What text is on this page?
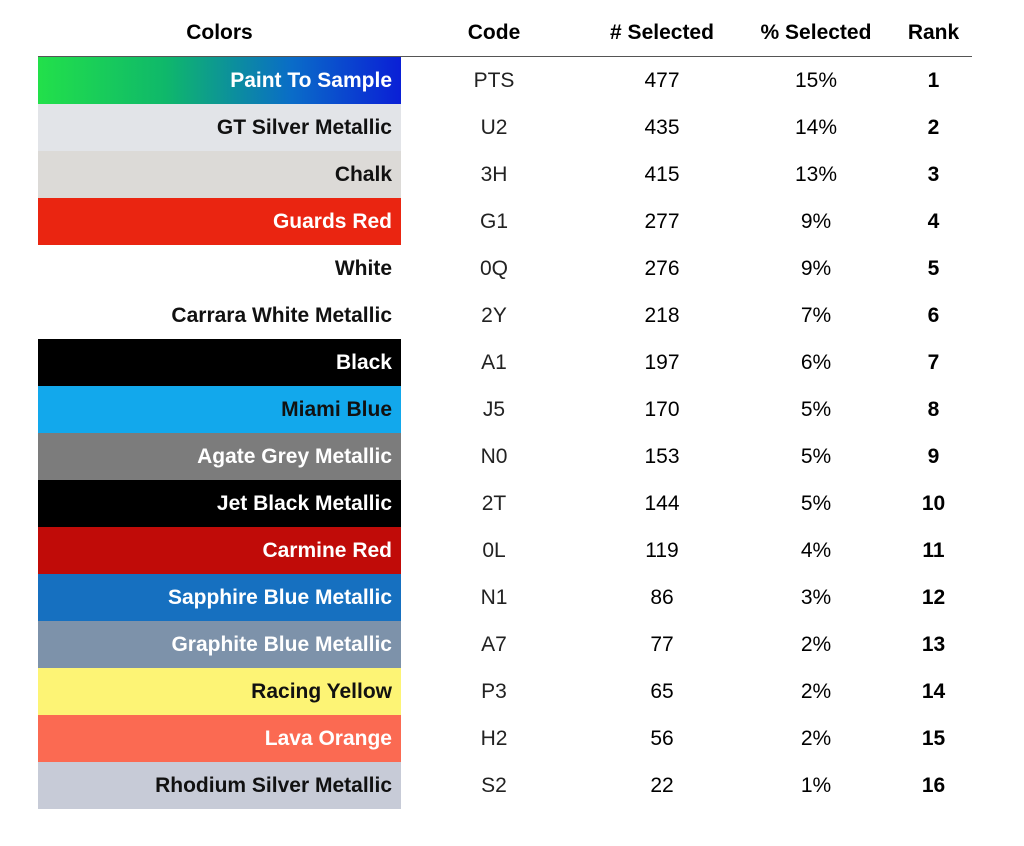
Colors	Code	# Selected	% Selected	Rank
Paint To Sample	PTS	477	15%	1
GT Silver Metallic	U2	435	14%	2
Chalk	3H	415	13%	3
Guards Red	G1	277	9%	4
White	0Q	276	9%	5
Carrara White Metallic	2Y	218	7%	6
Black	A1	197	6%	7
Miami Blue	J5	170	5%	8
Agate Grey Metallic	N0	153	5%	9
Jet Black Metallic	2T	144	5%	10
Carmine Red	0L	119	4%	11
Sapphire Blue Metallic	N1	86	3%	12
Graphite Blue Metallic	A7	77	2%	13
Racing Yellow	P3	65	2%	14
Lava Orange	H2	56	2%	15
Rhodium Silver Metallic	S2	22	1%	16
